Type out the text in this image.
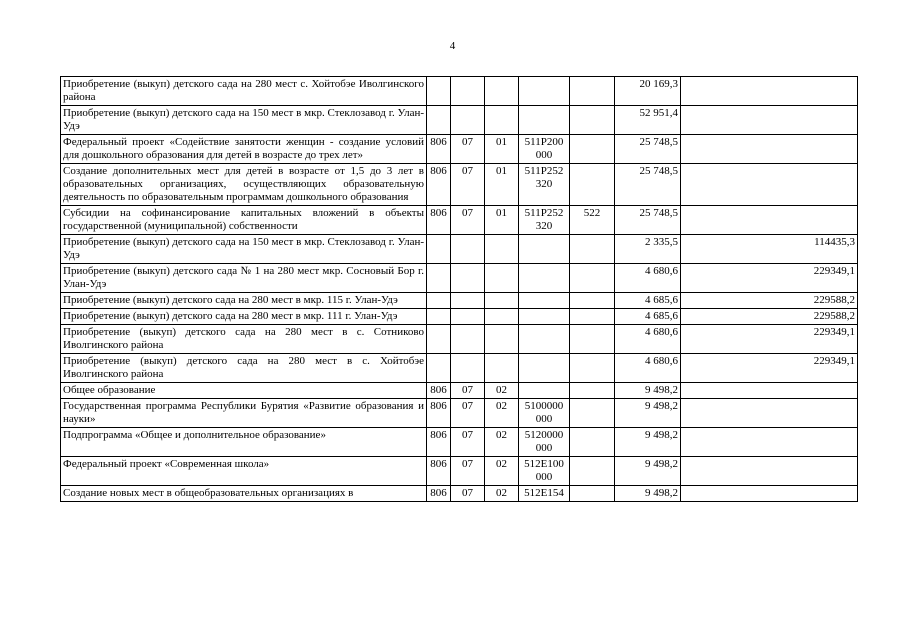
4
Приобретение (выкуп) детского сада на 280 мест с. Хойтобэе Иволгинского района						20 169,3	
Приобретение (выкуп) детского сада на 150 мест в мкр. Стеклозавод г. Улан-Удэ						52 951,4	
Федеральный проект «Содействие занятости женщин - создание условий для дошкольного образования для детей в возрасте до трех лет»	806	07	01	511P200 000		25 748,5	
Создание дополнительных мест для детей в возрасте от 1,5 до 3 лет в образовательных организациях, осуществляющих образовательную деятельность по образовательным программам дошкольного образования	806	07	01	511P252 320		25 748,5	
Субсидии на софинансирование капитальных вложений в объекты государственной (муниципальной) собственности	806	07	01	511P252 320	522	25 748,5	
Приобретение (выкуп) детского сада на 150 мест в мкр. Стеклозавод г. Улан-Удэ						2 335,5	114435,3
Приобретение (выкуп) детского сада № 1 на 280 мест мкр. Сосновый Бор г. Улан-Удэ						4 680,6	229349,1
Приобретение (выкуп) детского сада на 280 мест в мкр. 115 г. Улан-Удэ						4 685,6	229588,2
Приобретение (выкуп) детского сада на 280 мест в мкр. 111 г. Улан-Удэ						4 685,6	229588,2
Приобретение (выкуп) детского сада на 280 мест в с. Сотниково Иволгинского района						4 680,6	229349,1
Приобретение (выкуп) детского сада на 280 мест в с. Хойтобэе Иволгинского района						4 680,6	229349,1
Общее образование	806	07	02			9 498,2	
Государственная программа Республики Бурятия «Развитие образования и науки»	806	07	02	5100000 000		9 498,2	
Подпрограмма «Общее и дополнительное образование»	806	07	02	5120000 000		9 498,2	
Федеральный проект «Современная школа»	806	07	02	512E100 000		9 498,2	
Создание новых мест в общеобразовательных организациях в	806	07	02	512E154		9 498,2	
